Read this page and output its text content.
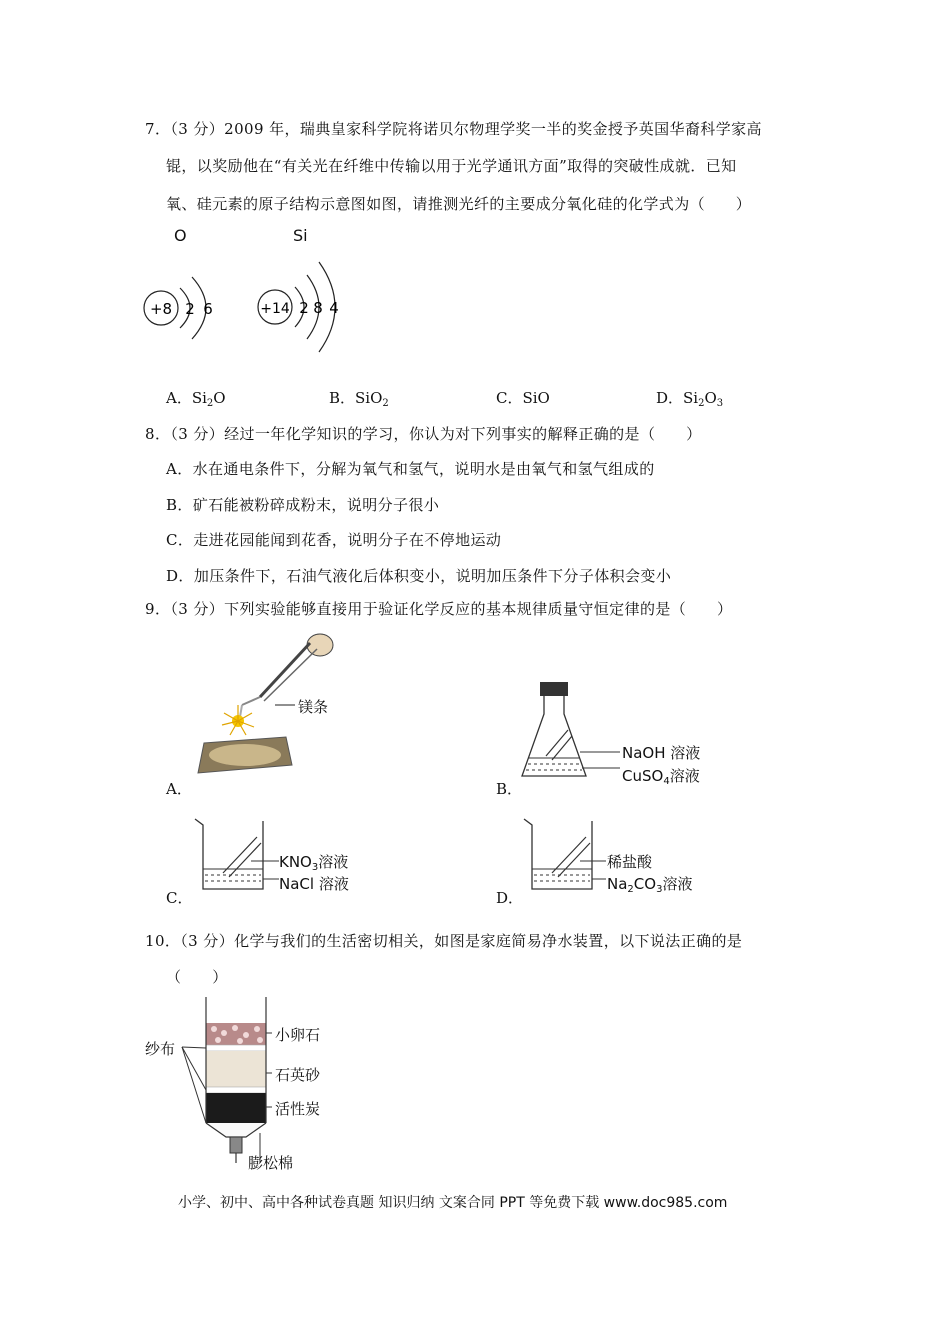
7．（3 分）2009 年，瑞典皇家科学院将诺贝尔物理学奖一半的奖金授予英国华裔科学家高
锟，以奖励他在“有关光在纤维中传输以用于光学通讯方面”取得的突破性成就．已知
氧、硅元素的原子结构示意图如图，请推测光纤的主要成分氧化硅的化学式为（　　）
O	Si
+8 2 6	+14 2 8 4
A．$Si_2O$	B．SiO$_2$	C．SiO	D．$Si_2O_3$
8．（3 分）经过一年化学知识的学习，你认为对下列事实的解释正确的是（　　）
A．水在通电条件下，分解为氧气和氢气，说明水是由氧气和氢气组成的
B．矿石能被粉碎成粉末，说明分子很小
C．走进花园能闻到花香，说明分子在不停地运动
D．加压条件下，石油气液化后体积变小，说明加压条件下分子体积会变小
9．（3 分）下列实验能够直接用于验证化学反应的基本规律质量守恒定律的是（　　）
镁条
A．
NaOH 溶液
CuSO$_4$溶液
B．
$KNO_3$溶液
NaCl 溶液
C．
稀盐酸
$Na_2CO_3$溶液
D．
10．（3 分）化学与我们的生活密切相关，如图是家庭简易净水装置，以下说法正确的是
（　　）
小卵石
石英砂
活性炭
纱布
膨松棉
小学、初中、高中各种试卷真题 知识归纳 文案合同 PPT 等免费下载 www.doc985.com
